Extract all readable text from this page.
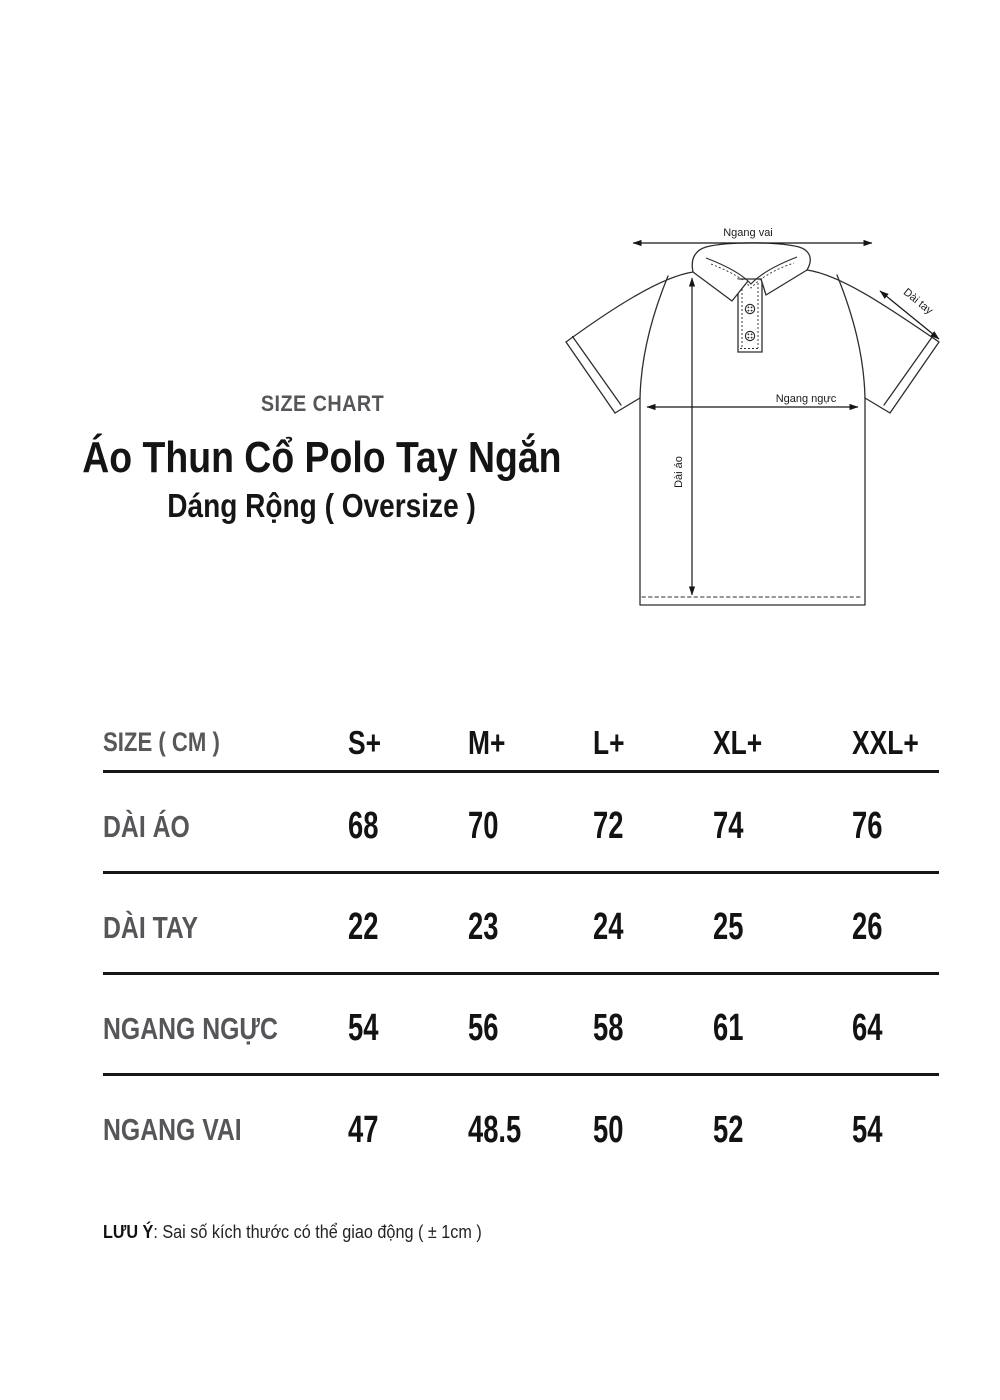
SIZE CHART
Áo Thun Cổ Polo Tay Ngắn
Dáng Rộng ( Oversize )
Ngang vai
Dài áo
Ngang ngực
Dài tay
SIZE ( CM )	S+	M+	L+	XL+	XXL+
DÀI ÁO	68	70	72	74	76
DÀI TAY	22	23	24	25	26
NGANG NGỰC	54	56	58	61	64
NGANG VAI	47	48.5	50	52	54
LƯU Ý: Sai số kích thước có thể giao động ( ± 1cm )
